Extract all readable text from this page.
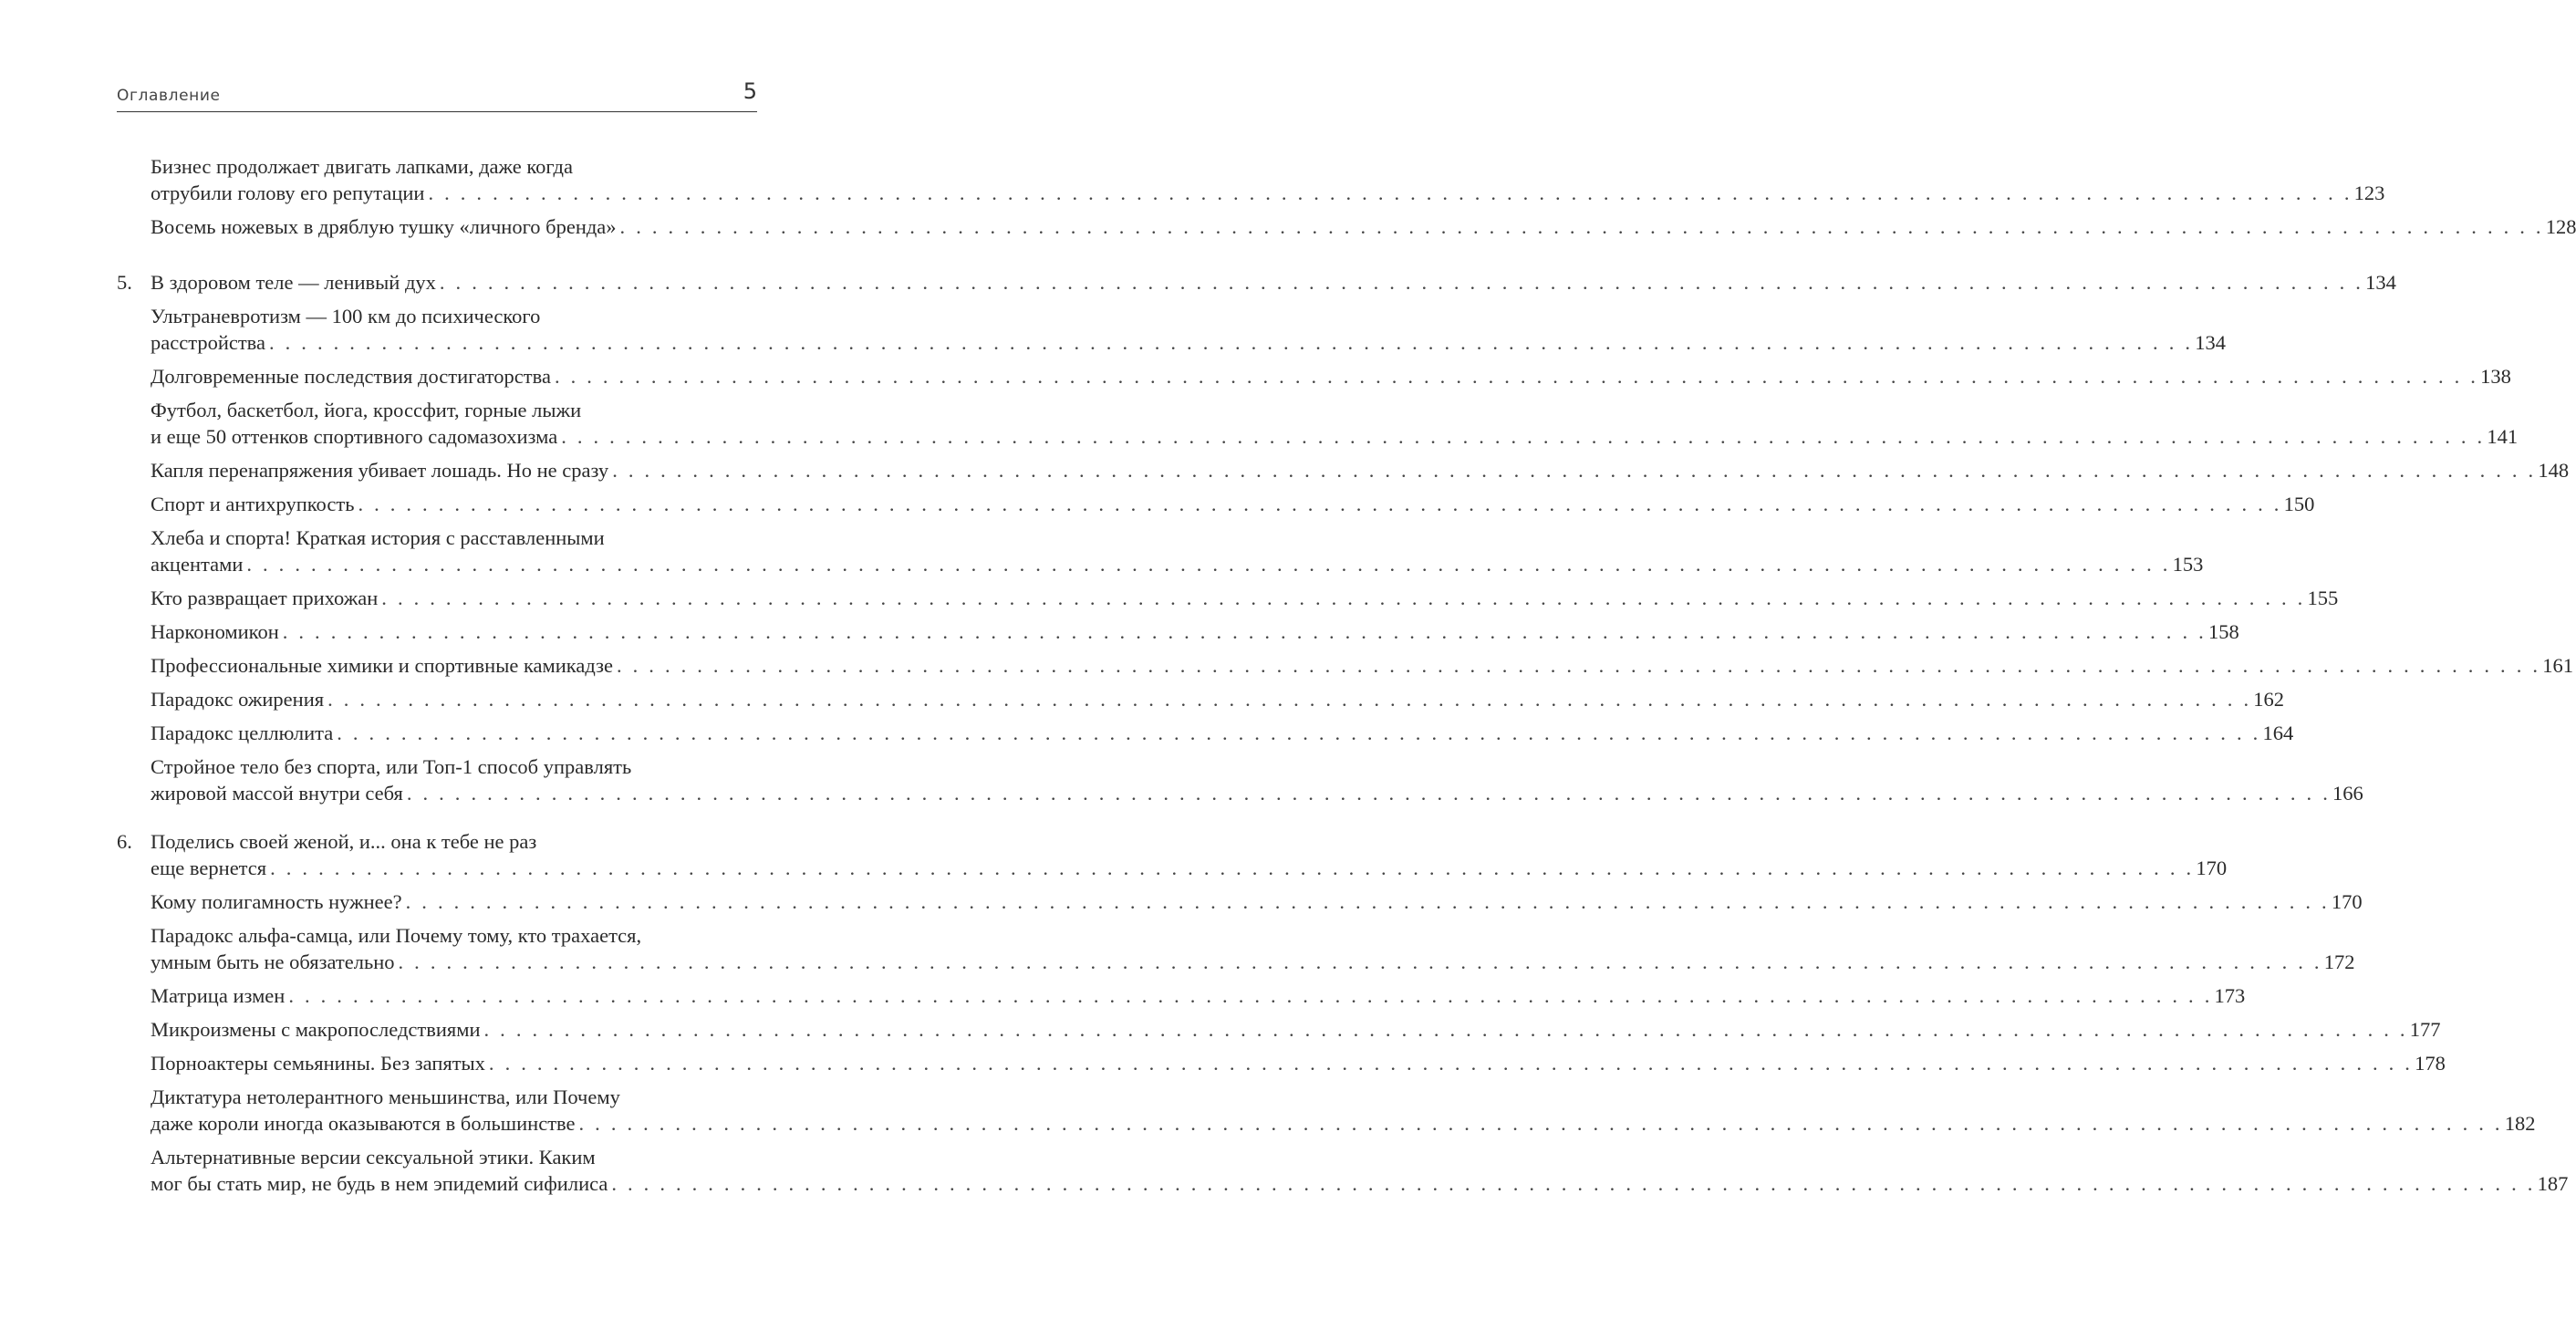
Оглавление	5
Бизнес продолжает двигать лапками, даже когда
отрубили голову его репутации . . . . . . . . . . . . . . . . . . . . . . . . . . . . . . . . . . . . . . . . . . . . . . . . . . . . . . . . . . . . . . . . . . . . . . . . . . . . . . . . . . . . . . . . . . . . . . . . . . . . . . . . . . . . . . . . . . . . . . . . 123
Восемь ножевых в дряблую тушку «личного бренда» . . . . . . . . . . . . . . . . . . . . . . . . . . . . . . . . . . . . . . . . . . . . . . . . . . . . . . . . . . . . . . . . . . . . . . . . . . . . . . . . . . . . . . . . . . . . . . . . . . . . . . . . . . . . . . . . . . . . . . . . 128
5. В здоровом теле — ленивый дух . . . . . . . . . . . . . . . . . . . . . . . . . . . . . . . . . . . . . . . . . . . . . . . . . . . . . . . . . . . . . . . . . . . . . . . . . . . . . . . . . . . . . . . . . . . . . . . . . . . . . . . . . . . . . . . . . . . . . . . . 134
Ультраневротизм — 100 км до психического
расстройства . . . . . . . . . . . . . . . . . . . . . . . . . . . . . . . . . . . . . . . . . . . . . . . . . . . . . . . . . . . . . . . . . . . . . . . . . . . . . . . . . . . . . . . . . . . . . . . . . . . . . . . . . . . . . . . . . . . . . . . . 134
Долговременные последствия достигаторства . . . . . . . . . . . . . . . . . . . . . . . . . . . . . . . . . . . . . . . . . . . . . . . . . . . . . . . . . . . . . . . . . . . . . . . . . . . . . . . . . . . . . . . . . . . . . . . . . . . . . . . . . . . . . . . . . . . . . . . . 138
Футбол, баскетбол, йога, кроссфит, горные лыжи
и еще 50 оттенков спортивного садомазохизма . . . . . . . . . . . . . . . . . . . . . . . . . . . . . . . . . . . . . . . . . . . . . . . . . . . . . . . . . . . . . . . . . . . . . . . . . . . . . . . . . . . . . . . . . . . . . . . . . . . . . . . . . . . . . . . . . . . . . . . . 141
Капля перенапряжения убивает лошадь. Но не сразу . . . . . . . . . . . . . . . . . . . . . . . . . . . . . . . . . . . . . . . . . . . . . . . . . . . . . . . . . . . . . . . . . . . . . . . . . . . . . . . . . . . . . . . . . . . . . . . . . . . . . . . . . . . . . . . . . . . . . . . . 148
Спорт и антихрупкость . . . . . . . . . . . . . . . . . . . . . . . . . . . . . . . . . . . . . . . . . . . . . . . . . . . . . . . . . . . . . . . . . . . . . . . . . . . . . . . . . . . . . . . . . . . . . . . . . . . . . . . . . . . . . . . . . . . . . . . . 150
Хлеба и спорта! Краткая история с расставленными
акцентами . . . . . . . . . . . . . . . . . . . . . . . . . . . . . . . . . . . . . . . . . . . . . . . . . . . . . . . . . . . . . . . . . . . . . . . . . . . . . . . . . . . . . . . . . . . . . . . . . . . . . . . . . . . . . . . . . . . . . . . . 153
Кто развращает прихожан . . . . . . . . . . . . . . . . . . . . . . . . . . . . . . . . . . . . . . . . . . . . . . . . . . . . . . . . . . . . . . . . . . . . . . . . . . . . . . . . . . . . . . . . . . . . . . . . . . . . . . . . . . . . . . . . . . . . . . . . 155
Наркономикон . . . . . . . . . . . . . . . . . . . . . . . . . . . . . . . . . . . . . . . . . . . . . . . . . . . . . . . . . . . . . . . . . . . . . . . . . . . . . . . . . . . . . . . . . . . . . . . . . . . . . . . . . . . . . . . . . . . . . . . . 158
Профессиональные химики и спортивные камикадзе . . . . . . . . . . . . . . . . . . . . . . . . . . . . . . . . . . . . . . . . . . . . . . . . . . . . . . . . . . . . . . . . . . . . . . . . . . . . . . . . . . . . . . . . . . . . . . . . . . . . . . . . . . . . . . . . . . . . . . . . 161
Парадокс ожирения . . . . . . . . . . . . . . . . . . . . . . . . . . . . . . . . . . . . . . . . . . . . . . . . . . . . . . . . . . . . . . . . . . . . . . . . . . . . . . . . . . . . . . . . . . . . . . . . . . . . . . . . . . . . . . . . . . . . . . . . 162
Парадокс целлюлита . . . . . . . . . . . . . . . . . . . . . . . . . . . . . . . . . . . . . . . . . . . . . . . . . . . . . . . . . . . . . . . . . . . . . . . . . . . . . . . . . . . . . . . . . . . . . . . . . . . . . . . . . . . . . . . . . . . . . . . . 164
Стройное тело без спорта, или Топ-1 способ управлять
жировой массой внутри себя . . . . . . . . . . . . . . . . . . . . . . . . . . . . . . . . . . . . . . . . . . . . . . . . . . . . . . . . . . . . . . . . . . . . . . . . . . . . . . . . . . . . . . . . . . . . . . . . . . . . . . . . . . . . . . . . . . . . . . . . 166
6. Поделись своей женой, и... она к тебе не раз
еще вернется . . . . . . . . . . . . . . . . . . . . . . . . . . . . . . . . . . . . . . . . . . . . . . . . . . . . . . . . . . . . . . . . . . . . . . . . . . . . . . . . . . . . . . . . . . . . . . . . . . . . . . . . . . . . . . . . . . . . . . . . 170
Кому полигамность нужнее? . . . . . . . . . . . . . . . . . . . . . . . . . . . . . . . . . . . . . . . . . . . . . . . . . . . . . . . . . . . . . . . . . . . . . . . . . . . . . . . . . . . . . . . . . . . . . . . . . . . . . . . . . . . . . . . . . . . . . . . . 170
Парадокс альфа-самца, или Почему тому, кто трахается,
умным быть не обязательно . . . . . . . . . . . . . . . . . . . . . . . . . . . . . . . . . . . . . . . . . . . . . . . . . . . . . . . . . . . . . . . . . . . . . . . . . . . . . . . . . . . . . . . . . . . . . . . . . . . . . . . . . . . . . . . . . . . . . . . . 172
Матрица измен . . . . . . . . . . . . . . . . . . . . . . . . . . . . . . . . . . . . . . . . . . . . . . . . . . . . . . . . . . . . . . . . . . . . . . . . . . . . . . . . . . . . . . . . . . . . . . . . . . . . . . . . . . . . . . . . . . . . . . . . 173
Микроизмены с макропоследствиями . . . . . . . . . . . . . . . . . . . . . . . . . . . . . . . . . . . . . . . . . . . . . . . . . . . . . . . . . . . . . . . . . . . . . . . . . . . . . . . . . . . . . . . . . . . . . . . . . . . . . . . . . . . . . . . . . . . . . . . . 177
Порноактеры семьянины. Без запятых . . . . . . . . . . . . . . . . . . . . . . . . . . . . . . . . . . . . . . . . . . . . . . . . . . . . . . . . . . . . . . . . . . . . . . . . . . . . . . . . . . . . . . . . . . . . . . . . . . . . . . . . . . . . . . . . . . . . . . . . 178
Диктатура нетолерантного меньшинства, или Почему
даже короли иногда оказываются в большинстве . . . . . . . . . . . . . . . . . . . . . . . . . . . . . . . . . . . . . . . . . . . . . . . . . . . . . . . . . . . . . . . . . . . . . . . . . . . . . . . . . . . . . . . . . . . . . . . . . . . . . . . . . . . . . . . . . . . . . . . . 182
Альтернативные версии сексуальной этики. Каким
мог бы стать мир, не будь в нем эпидемий сифилиса . . . . . . . . . . . . . . . . . . . . . . . . . . . . . . . . . . . . . . . . . . . . . . . . . . . . . . . . . . . . . . . . . . . . . . . . . . . . . . . . . . . . . . . . . . . . . . . . . . . . . . . . . . . . . . . . . . . . . . . . 187
